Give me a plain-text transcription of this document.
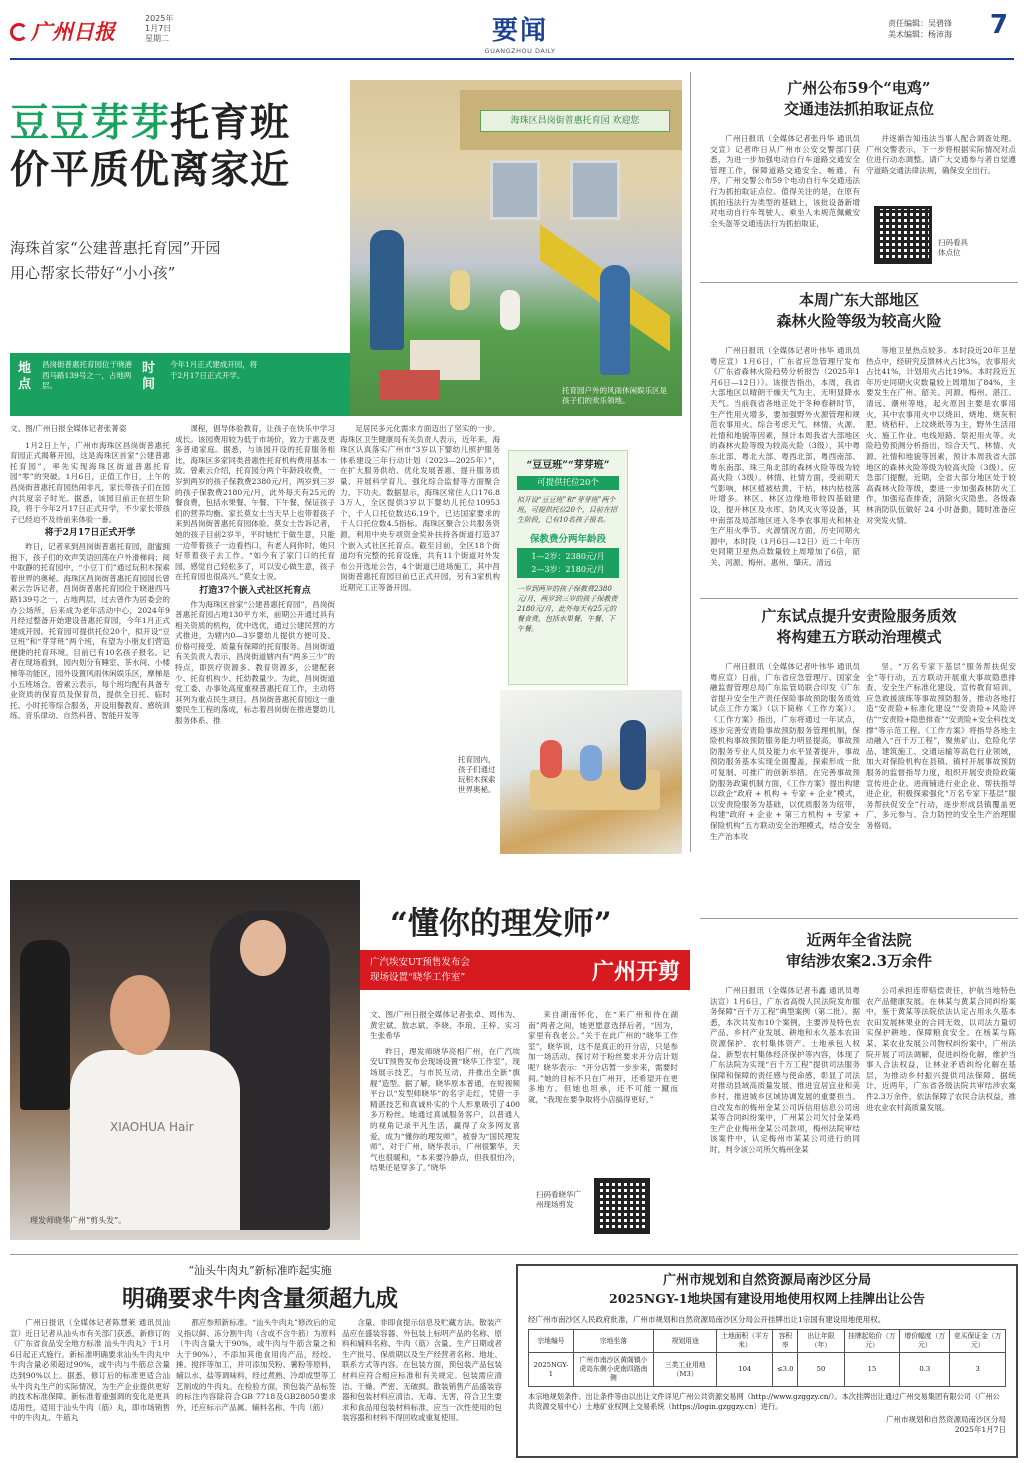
广州日报
2025年
1月7日
星期二	要闻
GUANGZHOU DAILY
责任编辑：吴碧锋
美术编辑：杨沛海 7
豆豆芽芽托育班
价平质优离家近
海珠首家“公建普惠托育园”开园
用心帮家长带好“小小孩”
海珠区昌岗街普惠托育园 欢迎您
托育园户外的风雨休闲娱乐区是孩子们的欢乐领地。
地点
昌岗街普惠托育园位于晓港西马路139号之一，占地两层。
时间
今年1月正式建成开园，将于2月17日正式开学。
文、图/广州日报全媒体记者张菁姿

1月2日上午，广州市海珠区昌岗街普惠托育园正式揭幕开园，这是海珠区首家“公建普惠托育园”，率先实现海珠区街道普惠托育园“零”的突破。1月6日，正值工作日，上午的昌岗街普惠托育园热闹非凡，家长带孩子们在园内共度亲子时光。据悉，该园目前正在招生阶段，将于今年2月17日正式开学，不少家长带孩子已经迫不及待前来体验一番。

将于2月17日正式开学

昨日，记者来到昌岗街普惠托育园，甜蜜拥抱下，孩子们的欢声笑语回荡在户外滑梯间；阅中取静的托育园中，“小豆丁们”通过玩积木探索着世界的奥秘。海珠区昌岗街普惠托育园园长曾素云告诉记者，昌岗街普惠托育园位于晓港西马路139号之一，占地两层，过去曾作为居委会的办公场所，后来成为老年活动中心，2024年9月经过整备开始建设普惠托育园，今年1月正式建成开园。托育园可提供托位20个，拟开设“豆豆班”和“芽芽班”两个班，有望为小朋友们营造便捷的托育环境。目前已有10名孩子报名。记者在现场看到，园内划分有睡室、茶水间、小楼梯等功能区，园外设置风雨休闲娱乐区，摩梯是小五班场合。曾素云表示，每个班均配有具备专业资质的保育员及保育员，提供全日托、临时托、小时托等综合服务，开设用餐教育、感统训练、音乐律动、自然科普、智能开发等

课程，倡导体验教育，让孩子在快乐中学习成长。该园费用较为低于市场价，致力于惠及更多普通家庭。据悉，与该园开设的托育服务相比，海珠区多家同类普惠性托育机构费用基本一致。曾素云介绍，托育园分两个年龄段收费，一岁到两岁的孩子保教费2380元/月，两岁到三岁的孩子保教费2180元/月，此外每天有25元的餐食费，包括水果餐、午餐、下午餐，保证孩子们的营养均衡。家长莫女士当天早上也带着孩子来到昌岗街普惠托育园体验。莫女士告诉记者，她的孩子目前2岁半，平时她忙于做生意，只能一边带着孩子一边看档口，有老人间你时，她只好带着孩子去工作。“如今有了家门口的托育园，感觉自己轻松多了，可以安心做生意，孩子在托育园也很高兴。”莫女士说。

打造37个嵌入式社区托育点

作为海珠区首家“公建普惠托育园”，昌岗街普惠托育园占地130平方米，前期公开通过具有相关资质的机构，优中选优，通过公建民营的方式推进，为辖内0—3岁婴幼儿提供方便可及、价格可接受、质量有保障的托育服务。昌岗街道有关负责人表示，昌岗街道辖内有“两多三少”的特点，即医疗资源多、教育资源多，公建配套少、托育机构少、托幼教量少。为此，昌岗街道党工委、办事处高度重视普惠托育工作，主动将其列为重点民生项目。昌岗街普惠托育园这一重要民生工程的落成，标志着昌岗街在推进婴幼儿服务体系、推

足居民多元化需求方面迈出了坚实的一步。海珠区卫生健康局有关负责人表示，近年来，海珠区认真落实广州市“3岁以下婴幼儿照护服务体系建设三年行动计划（2023—2025年）”，在扩大服务供给、优化发展普惠、提升服务质量、开展科学育儿、强化综合监督等方面聚合力、下功夫。数据显示，海珠区常住人口176.83万人，全区提供3岁以下婴幼儿托位10953个，千人口托位数达6.19个，已达国家要求的千人口托位数4.5指标。海珠区聚合公共服务资源，利用中央专项资金奖补扶持各街道打造37个嵌入式社区托育点。截至目前，全区18个街道均有完整的托育设施，共有11个街道对外发布公开选址公告，4个街道已进场施工，其中昌岗街普惠托育园目前已正式开园，另有3家机构近期完工正等备开园。

“豆豆班”“芽芽班”
可提供托位20个
拟开设“豆豆班”和“芽芽班”两个班，可提供托位20个，目前在招生阶段，已有10名孩子报名。
保教费分两年龄段
1—2岁：2380元/月
2—3岁：2180元/月
一岁到两岁的孩子保教费2380元/月，两岁到三岁的孩子保教费2180元/月，此外每天有25元的餐食费，包括水果餐、午餐、下午餐。
托育园内，孩子们通过玩积木探索世界奥秘。
广州公布59个“电鸡”
交通违法抓拍取证点位

广州日报讯（全媒体记者张丹华 通讯员交宣）记者昨日从广州市公安交警部门获悉，为进一步加强电动自行车道路交通安全管理工作，保障道路交通安全、畅通、有序，广州交警公布59个电动自行车交通违法行为抓拍取证点位。值得关注的是，在原有抓拍违法行为类型的基础上，该批设备新增对电动自行车驾驶人、乘坐人未规范佩戴安全头盔等交通违法行为抓拍取证，

并逐渐告知违法当事人配合调查处理。广州交警表示，下一步将根据实际情况对点位进行动态调整。请广大交通参与者自觉遵守道路交通法律法规，确保安全出行。

扫码看具体点位
本周广东大部地区
森林火险等级为较高火险

广州日报讯（全媒体记者叶伟华 通讯员粤应宣）1月6日，广东省应急管理厅发布《广东省森林火险趋势分析报告（2025年1月6日—12日）》。该报告指出，本周，我省大部地区以晴朗干燥天气为主，无明显降水天气。当前我省各地正处于冬种春耕时节，生产性用火增多，要加强野外火源管理和规范农事用火。综合考虑天气、林情、火源、社情和地貌等因素，预计本周我省大部地区的森林火险等级为较高火险（3级），其中粤东北部、粤北大部、粤西北部、粤西南部、粤东南部、珠三角北部的森林火险等级为较高火险（3级）。林情、社情方面，受前期天气影响，林区植被枯黄、干枯，林内枯枝落叶增多。林区、林区边缘地带较四基础建设，提升林区及水库、防风灭火等设备，其中南部及局部地区进入冬季农事用火和林业生产用火季节。火源情况方面，历史同期火源中，本时段（1月6日—12日）近二十年历史同期卫星热点数量较上周增加了6倍，韶关、河源、梅州、惠州、肇庆、清远

等地卫星热点较多。本时段近20年卫星热点中，经研究反馈林火占比3%，农事用火占比41%，计划用火占比19%。本时段近五年历史同期火灾数量较上周增加了84%，主要发生在广州、韶关、河源、梅州、湛江、清远、潮州等地，起火原因主要是农事用火，其中农事用火中以烧田、烧地、烧灰积肥、烧秸秆、上坟烧纸等为主，野外生活用火、施工作业、电线短路、祭祀用火等。火险趋势预测分析指出，综合天气、林情、火源、社情和地貌等因素，预计本周我省大部地区的森林火险等级为较高火险（3级）。应急部门提醒，近期，全省大部分地区处于较高森林火险等级，要进一步加强森林防火工作，加强巡查排查，消除火灾隐患。各级森林消防队伍做好 24 小时备勤，随时准备应对突发火情。

广东试点提升安责险服务质效
将构建五方联动治理模式

广州日报讯（全媒体记者叶伟华 通讯员粤应宣）日前，广东省应急管理厅、国家金融监督管理总局广东监管局联合印发《广东省提升安全生产责任保险事故预防服务质效试点工作方案》（以下简称《工作方案》）。《工作方案》指出，广东将通过一年试点，逐步完善安责险事故预防服务管理机制，保险机构事故预防服务能力明显提高，事故预防服务专业人员及能力水平显著提升，事故预防服务基本实现全面覆盖，探索形成一批可复制、可推广的创新举措。在完善事故预防服务政策机制方面，《工作方案》提出构建以政企“政府 + 机构 + 专家 + 企业”模式，以安责险服务为基础，以优质服务为纽带，构建“政府 + 企业 + 第三方机构 + 专家 + 保险机构”五方联动安全治理模式，结合安全生产治本攻

坚、“万名专家下基层”服务帮扶促安全”等行动，五方联动开展重大事故隐患排查、安全生产标准化建设、宣传教育培训、应急救援演练等事故预防服务，推动各地打造“安责险+标准化建设”“安责险+风险评估”“安责险+隐患排查”“安责险+安全科技支撑”等示范工程。《工作方案》将指导各地主动融入“百千万工程”，聚焦矿山、危险化学品、建筑施工、交通运输等高危行业领域，加大对保险机构在县镇、镇村开展事故预防服务的监督指导力度，组织开展安责险政策宣传进企业、进商铺进行业企业、帮扶指导进企业，积极探索强化“万名专家下基层”服务帮扶促安全”行动，逐步形成县镇覆盖更广、多元参与、合力防控的安全生产治理服务格局。

近两年全省法院
审结涉农案2.3万余件

广州日报讯（全媒体记者韦鑫 通讯员粤法宣）1月6日，广东省高级人民法院发布服务保障“百千万工程”典型案例（第二批）。据悉，本次共发布10个案例，主要涉及特色农产品、乡村产业发展、耕地和永久基本农田资源保护、农村集体资产、土地承包人权益、新型农村集体经济保护等内容，体现了广东法院为实现“百千万工程”提供司法服务保障和保障的责任感与使命感，彰显了司法对推动县域高质量发展、推进宜居宜业和美乡村、推进城乡区域协调发展的重要担当。自改发布的梅州金某公司诉信用信息公司房某等合同纠纷案中，广州某公司欠付金某鸡生产企业梅州金某公司款项，梅州法院审结该案件中，认定梅州市某某公司进行的同时，判令该公司所欠梅州金某

公司承担连带赔偿责任，护航当地特色农产品健康发展。在林某与黄某合同纠纷案中，鉴于黄某等法院依法认定占用永久基本农田发展林果业的合同无效，以司法力量切实保护耕地、保障粮食安全。在杨某与陈某、某农业发展公司物权纠纷案中，广州法院开展了司法调解，促进纠纷化解，维护当事人合法权益，让林业矛盾纠纷化解在基层，为推动乡村振兴提供司法保障。据统计，近两年，广东省各级法院共审结涉农案件2.3万余件，依法保障了农民合法权益，推进农业农村高质量发展。

XIAOHUA Hair
理发师晓华广州“剪头发”。
“懂你的理发师”
广汽埃安UT预售发布会
现场设置“晓华工作室”	广州开剪
文、图/广州日报全媒体记者张卓、周伟为、黄宏斌、敖志斌、李晓、李琅、王梓、实习生张希华

昨日，理发师晓华亮相广州，在广汽埃安UT预售发布会现场设置“晓华工作室”，现场展示技艺，与市民互动，并推出全新“旗舰”造型。据了解，晓华原本普通，在短视频平台以“发型师晓华”的名字走红，凭借一手精湛技艺和真诚朴实的个人形象吸引了400多万粉丝。她通过真诚服务客户，以普通人的视角记录平凡生活，赢得了众多网友喜爱，成为“懂你的理发师”，被誉为“国民理发师”。对于广州，晓华表示，广州很繁华，天气也很暖和，“本来要冷静点，但我很怕冷，结果还是穿多了。”晓华

来自湖南怀化，在“来广州和待在湖南”两者之间，她更愿意选择后者，“因为，家里有我老公。”关于在此广州的“晓华工作室”，晓华说，这不是真正的开分店，只是参加一场活动。探讨对于粉丝要求开分店计划呢？晓华表示：“开分店暂一步步来，需要时间。”她的目标不只在广州开，还希望开在更多地方。但她也坦承，还不可能一蹴而就，“我现在要争取将小店搞得更好。”

扫码看晓华广州现场剪发
“汕头牛肉丸”新标准昨起实施
明确要求牛肉含量须超九成

广州日报讯（全媒体记者陈慧莱 通讯员汕宣）近日记者从汕头市有关部门获悉，新修订的《广东省食品安全地方标准 汕头牛肉丸》于1月6日起正式施行。新标准明确要求汕头牛肉丸中牛肉含量必须超过90%，或牛肉与牛筋总含量达到90%以上。据悉，修订后的标准更适合汕头牛肉丸生产的实际情况，为生产企业提供更好的技术标准保障。新标准着重强调的变化是更具适用性，适用于汕头牛肉（筋）丸，即市场销售中的牛肉丸、牛筋丸

都应参照新标准。“汕头牛肉丸”修改后的定义指以鲜、冻分割牛肉（含或不含牛筋）为原料（牛肉含量大于90%，或牛肉与牛筋含量之和大于90%），不添加其他食用肉产品，经绞、捶、搅拌等加工，并可添加芡粉、薯粉等原料，辅以水、盐等调味料，经过煮熟、冷却成型等工艺制成的牛肉丸。在检验方面，预包装产品标签的标注内容除符合GB 7718及GB28050要求外，还应标示产品属、辅料名称、牛肉（筋）

含量、非即食提示信息及贮藏方法。散装产品应在盛装容器、外包装上标明产品的名称、原料和辅料名称、牛肉（筋）含量、生产日期或者生产批号、保质期以及生产经营者名称、地址、联系方式等内容。在包装方面，预包装产品包装材料应符合相应标准和有关规定。包装需应清洁、干燥、严密、无破损。散装销售产品盛装容器和包装材料应清洁、无毒、无害，符合卫生要求和食品用包装材料标准，应当一次性使用的包装容器和材料不得回收或重复使用。

广州市规划和自然资源局南沙区分局
2025NGY-1地块国有建设用地使用权网上挂牌出让公告
经广州市南沙区人民政府批准，广州市规划和自然资源局南沙区分局公开挂牌出让1宗国有建设用地使用权。
宗地编号	宗地坐落	规划用途	土地面积（平方米）	容积率	出让年限（年）	挂牌起始价（万元）	增价幅度（万元）	竞买保证金（万元）
2025NGY-1	广州市南沙区黄阁镇小虎岛东侧小虎南四路南侧	三类工业用地（M3）	104	≤3.0	50	15	0.3	3
本宗地规划条件、出让条件等由以出让文件详见广州公共资源交易网（http://www.gzggzy.cn/）。本次挂牌出让通过广州交易集团有限公司（广州公共资源交易中心）土地矿业权网上交易系统（https://login.gzggzy.cn）进行。
广州市规划和自然资源局南沙区分局
2025年1月7日
